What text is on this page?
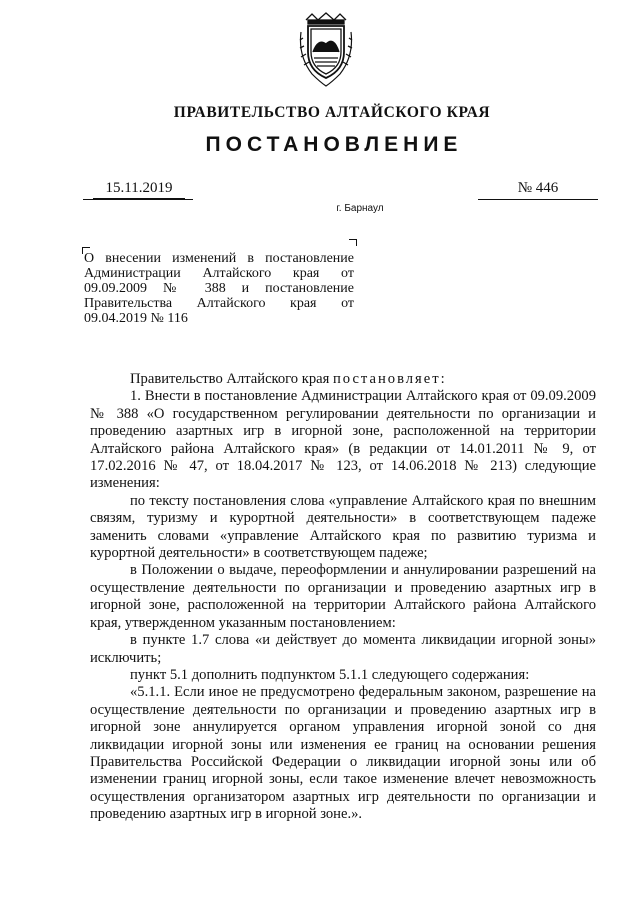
ПРАВИТЕЛЬСТВО АЛТАЙСКОГО КРАЯ
ПОСТАНОВЛЕНИЕ
15.11.2019	№ 446
г. Барнаул
О внесении изменений в постановление Администрации Алтайского края от 09.09.2009 № 388 и постановление Правительства Алтайского края от 09.04.2019 № 116
Правительство Алтайского края постановляет:

1. Внести в постановление Администрации Алтайского края от 09.09.2009 № 388 «О государственном регулировании деятельности по организации и проведению азартных игр в игорной зоне, расположенной на территории Алтайского района Алтайского края» (в редакции от 14.01.2011 № 9, от 17.02.2016 № 47, от 18.04.2017 № 123, от 14.06.2018 № 213) следующие изменения:

по тексту постановления слова «управление Алтайского края по внешним связям, туризму и курортной деятельности» в соответствующем падеже заменить словами «управление Алтайского края по развитию туризма и курортной деятельности» в соответствующем падеже;

в Положении о выдаче, переоформлении и аннулировании разрешений на осуществление деятельности по организации и проведению азартных игр в игорной зоне, расположенной на территории Алтайского района Алтайского края, утвержденном указанным постановлением:

в пункте 1.7 слова «и действует до момента ликвидации игорной зоны» исключить;

пункт 5.1 дополнить подпунктом 5.1.1 следующего содержания:

«5.1.1. Если иное не предусмотрено федеральным законом, разрешение на осуществление деятельности по организации и проведению азартных игр в игорной зоне аннулируется органом управления игорной зоной со дня ликвидации игорной зоны или изменения ее границ на основании решения Правительства Российской Федерации о ликвидации игорной зоны или об изменении границ игорной зоны, если такое изменение влечет невозможность осуществления организатором азартных игр деятельности по организации и проведению азартных игр в игорной зоне.».
